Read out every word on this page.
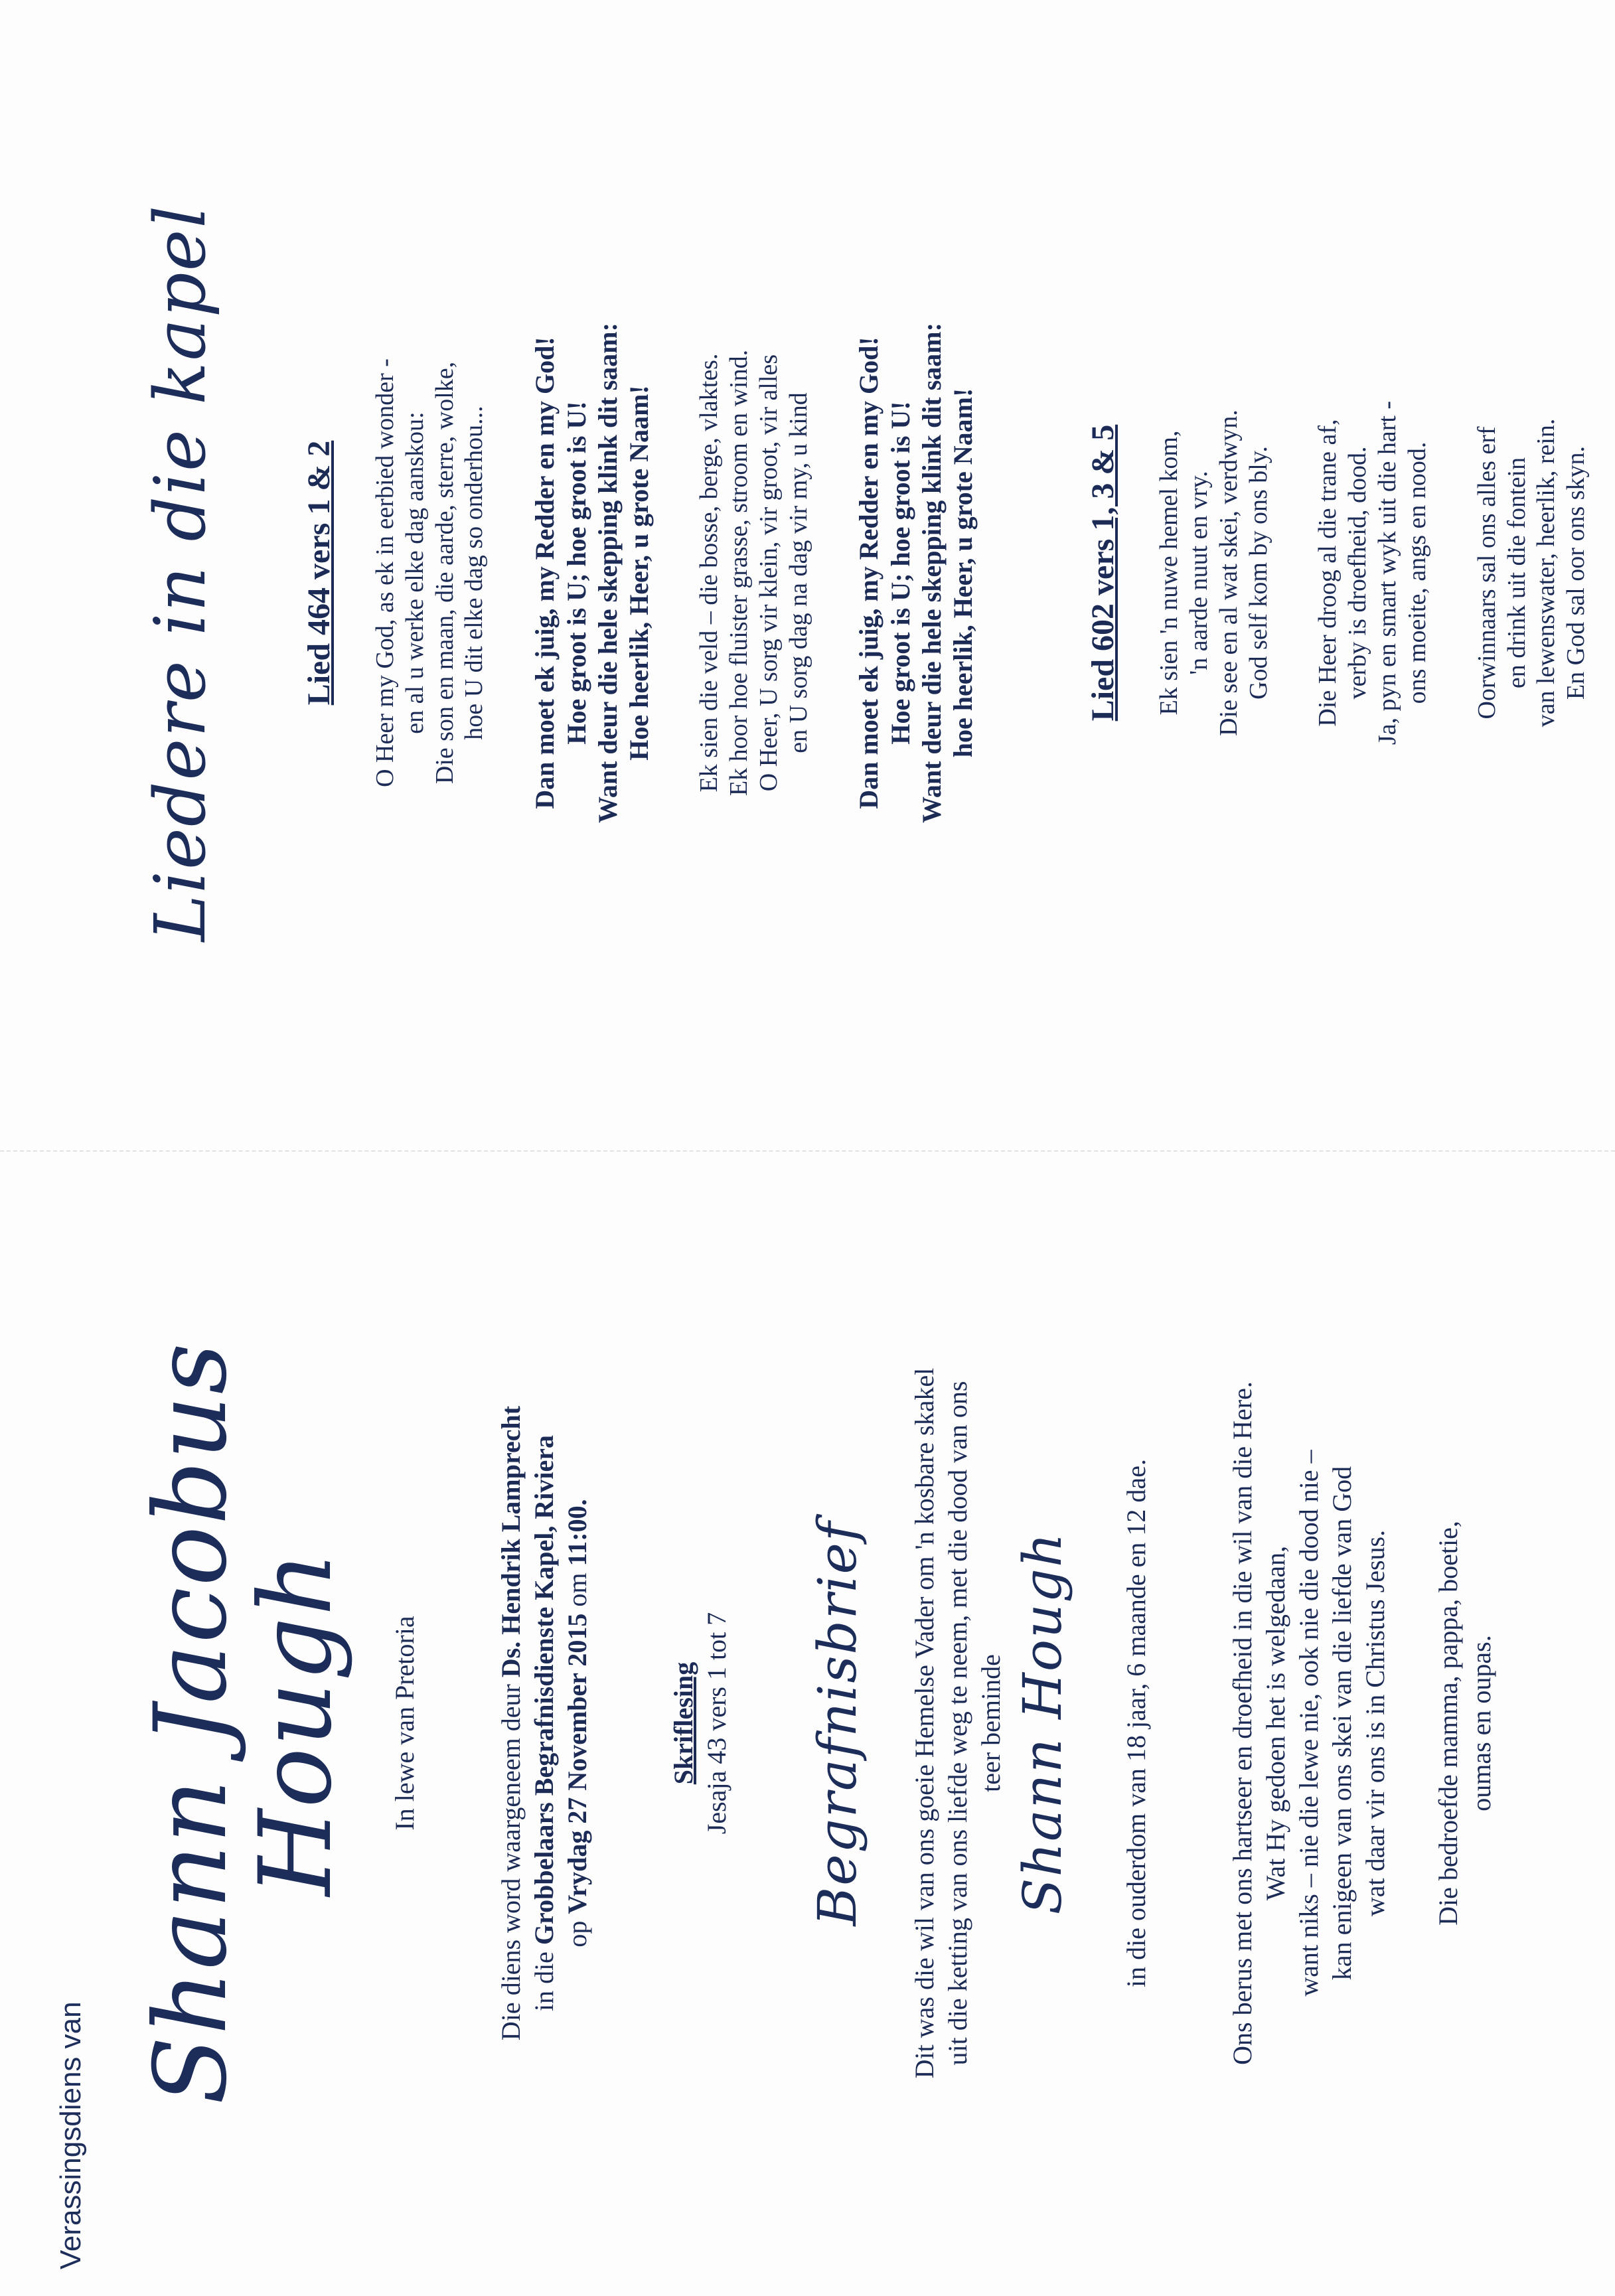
Verassingsdiens van
Shann Jacobus
Hough In lewe van Pretoria	Die diens word waargeneem deur Ds. Hendrik Lamprecht
in die Grobbelaars Begrafnisdienste Kapel, Riviera op Vrydag 27 November 2015 om 11:00.
Skriflesing Jesaja 43 vers 1 tot 7 Begrafnisbrief Dit was die wil van ons goeie Hemelse Vader om 'n kosbare skakel uit die ketting van ons liefde weg te neem, met die dood van ons teer beminde Shann Hough in die ouderdom van 18 jaar, 6 maande en 12 dae.	Ons berus met ons hartseer en droefheid in die wil van die Here. Wat Hy gedoen het is welgedaan, want niks – nie die lewe nie, ook nie die dood nie – kan enigeen van ons skei van die liefde van God wat daar vir ons is in Christus Jesus. Die bedroefde mamma, pappa, boetie, oumas en oupas.
Liedere in die kapel	Lied 464 vers 1 & 2 O Heer my God, as ek in eerbied wonder - en al u werke elke dag aanskou: Die son en maan, die aarde, sterre, wolke, hoe U dit elke dag so onderhou... Dan moet ek juig, my Redder en my God! Hoe groot is U; hoe groot is U! Want deur die hele skepping klink dit saam: Hoe heerlik, Heer, u grote Naam! Ek sien die veld – die bosse, berge, vlaktes. Ek hoor hoe fluister grasse, stroom en wind. O Heer, U sorg vir klein, vir groot, vir alles en U sorg dag na dag vir my, u kind Dan moet ek juig, my Redder en my God! Hoe groot is U; hoe groot is U! Want deur die hele skepping klink dit saam: hoe heerlik, Heer, u grote Naam!	Lied 602 vers 1, 3 & 5 Ek sien 'n nuwe hemel kom, 'n aarde nuut en vry. Die see en al wat skei, verdwyn. God self kom by ons bly. Die Heer droog al die trane af, verby is droefheid, dood. Ja, pyn en smart wyk uit die hart - ons moeite, angs en nood. Oorwinnaars sal ons alles erf en drink uit die fontein van lewenswater, heerlik, rein. En God sal oor ons skyn.
